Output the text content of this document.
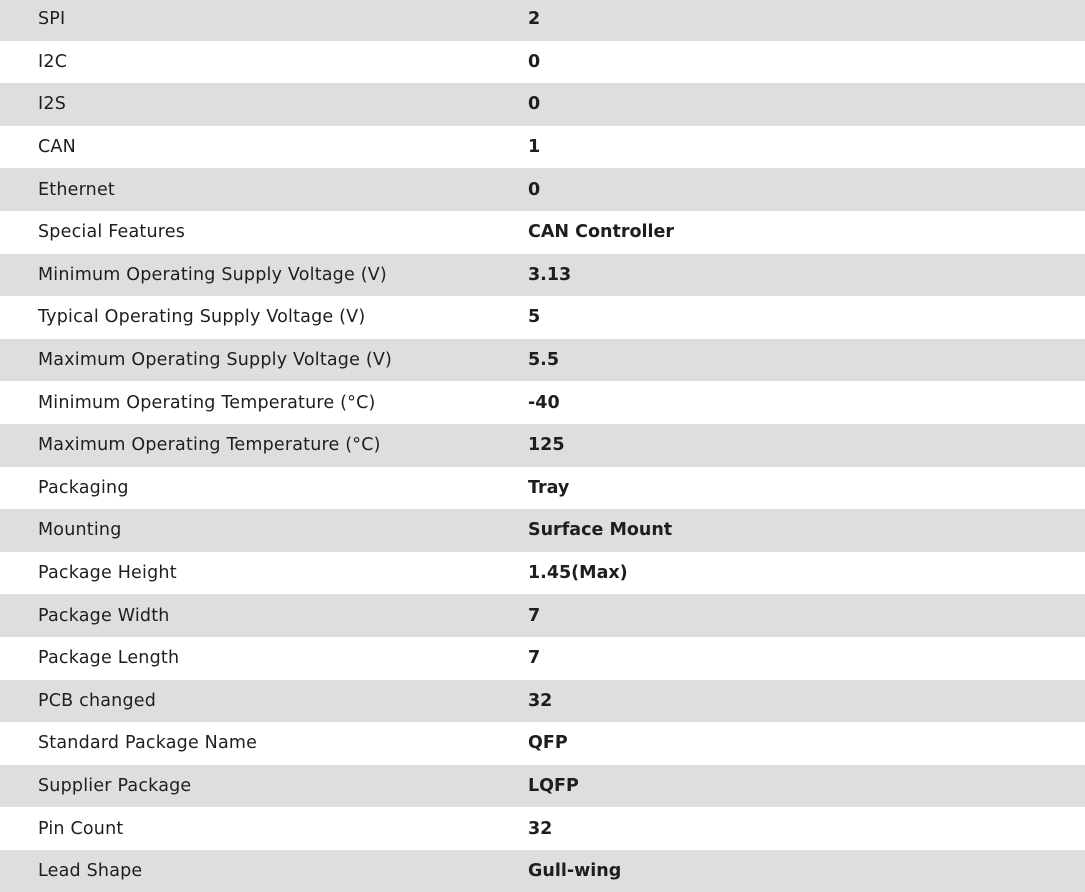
SPI	2
I2C	0
I2S	0
CAN	1
Ethernet	0
Special Features	CAN Controller
Minimum Operating Supply Voltage (V)	3.13
Typical Operating Supply Voltage (V)	5
Maximum Operating Supply Voltage (V)	5.5
Minimum Operating Temperature (°C)	-40
Maximum Operating Temperature (°C)	125
Packaging	Tray
Mounting	Surface Mount
Package Height	1.45(Max)
Package Width	7
Package Length	7
PCB changed	32
Standard Package Name	QFP
Supplier Package	LQFP
Pin Count	32
Lead Shape	Gull-wing
